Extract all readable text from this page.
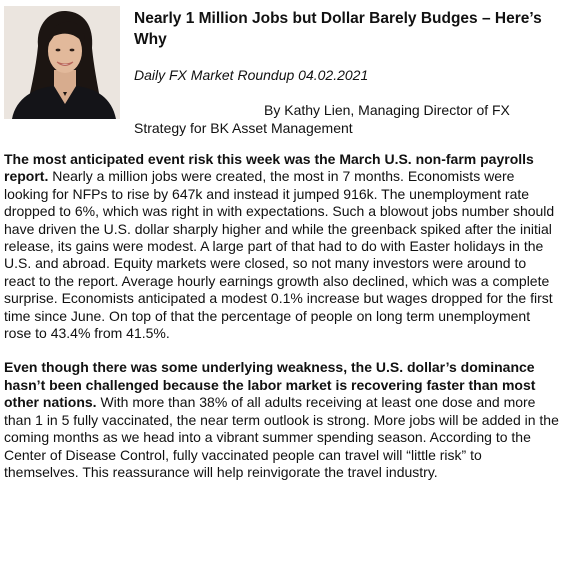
Nearly 1 Million Jobs but Dollar Barely Budges – Here’s Why
Daily FX Market Roundup 04.02.2021
By Kathy Lien, Managing Director of FX Strategy for BK Asset Management

The most anticipated event risk this week was the March U.S. non-farm payrolls report. Nearly a million jobs were created, the most in 7 months. Economists were looking for NFPs to rise by 647k and instead it jumped 916k. The unemployment rate dropped to 6%, which was right in with expectations. Such a blowout jobs number should have driven the U.S. dollar sharply higher and while the greenback spiked after the initial release, its gains were modest. A large part of that had to do with Easter holidays in the U.S. and abroad. Equity markets were closed, so not many investors were around to react to the report. Average hourly earnings growth also declined, which was a complete surprise. Economists anticipated a modest 0.1% increase but wages dropped for the first time since June. On top of that the percentage of people on long term unemployment rose to 43.4% from 41.5%.

Even though there was some underlying weakness, the U.S. dollar’s dominance hasn’t been challenged because the labor market is recovering faster than most other nations. With more than 38% of all adults receiving at least one dose and more than 1 in 5 fully vaccinated, the near term outlook is strong. More jobs will be added in the coming months as we head into a vibrant summer spending season. According to the Center of Disease Control, fully vaccinated people can travel will “little risk” to themselves. This reassurance will help reinvigorate the travel industry.
